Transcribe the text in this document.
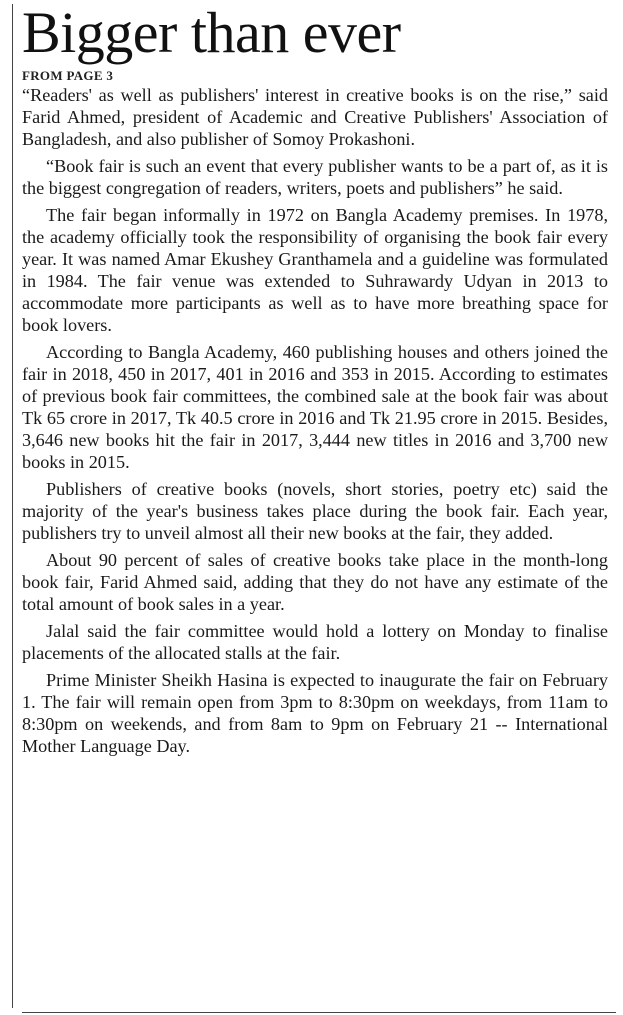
Bigger than ever
FROM PAGE 3

“Readers' as well as publishers' interest in creative books is on the rise,” said Farid Ahmed, president of Academic and Creative Publishers' Association of Bangladesh, and also publisher of Somoy Prokashoni.

“Book fair is such an event that every publisher wants to be a part of, as it is the biggest congregation of readers, writers, poets and publishers” he said.

The fair began informally in 1972 on Bangla Academy premises. In 1978, the academy officially took the responsibility of organising the book fair every year. It was named Amar Ekushey Granthamela and a guideline was formulated in 1984. The fair venue was extended to Suhrawardy Udyan in 2013 to accommodate more participants as well as to have more breathing space for book lovers.

According to Bangla Academy, 460 publishing houses and others joined the fair in 2018, 450 in 2017, 401 in 2016 and 353 in 2015. According to estimates of previous book fair committees, the combined sale at the book fair was about Tk 65 crore in 2017, Tk 40.5 crore in 2016 and Tk 21.95 crore in 2015. Besides, 3,646 new books hit the fair in 2017, 3,444 new titles in 2016 and 3,700 new books in 2015.

Publishers of creative books (novels, short stories, poetry etc) said the majority of the year's business takes place during the book fair. Each year, publishers try to unveil almost all their new books at the fair, they added.

About 90 percent of sales of creative books take place in the month-long book fair, Farid Ahmed said, adding that they do not have any estimate of the total amount of book sales in a year.

Jalal said the fair committee would hold a lottery on Monday to finalise placements of the allocated stalls at the fair.

Prime Minister Sheikh Hasina is expected to inaugurate the fair on February 1. The fair will remain open from 3pm to 8:30pm on weekdays, from 11am to 8:30pm on weekends, and from 8am to 9pm on February 21 -- International Mother Language Day.
